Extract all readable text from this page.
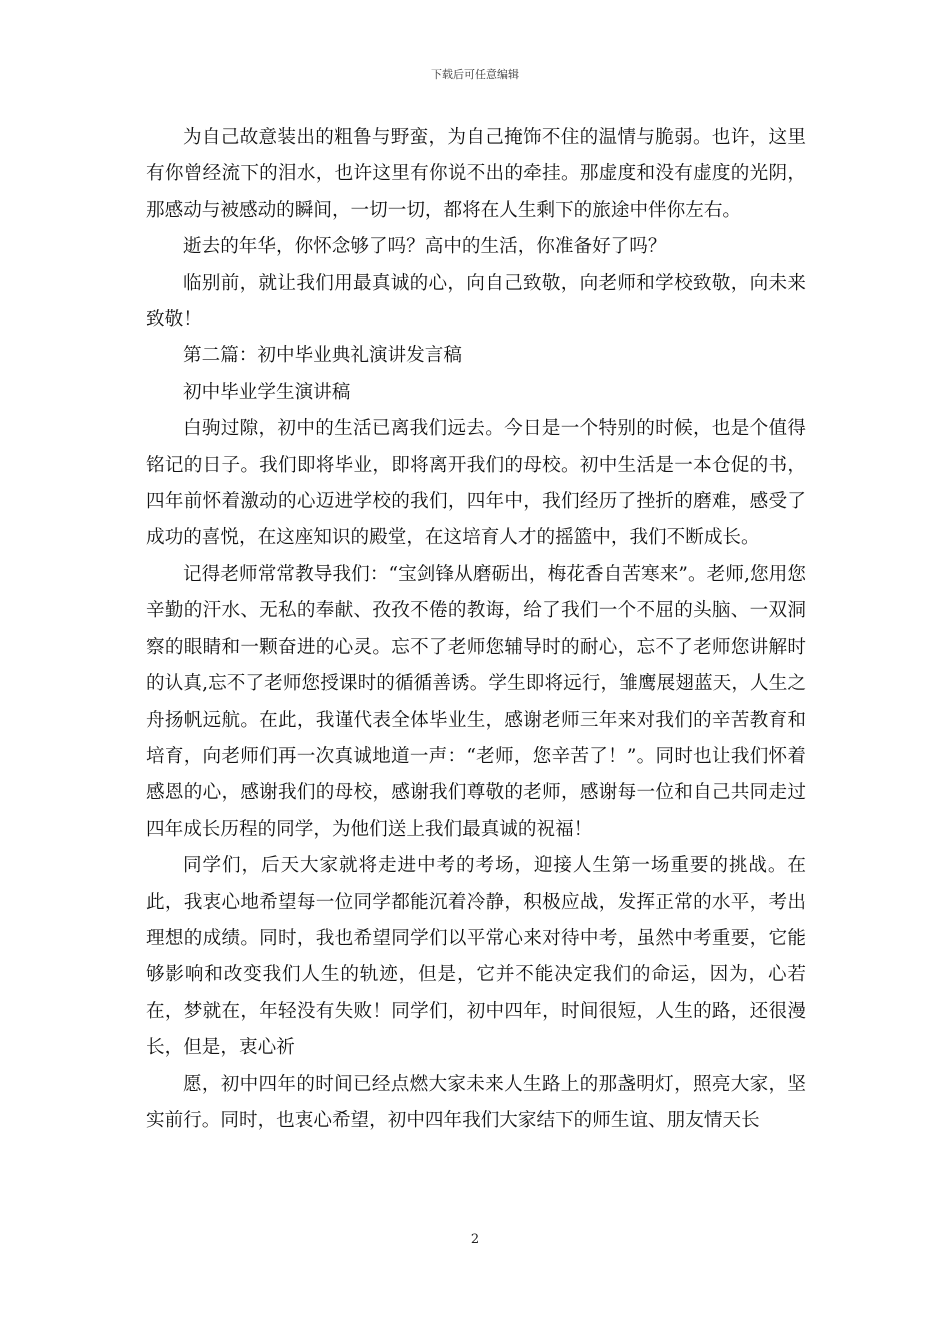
下载后可任意编辑

为自己故意装出的粗鲁与野蛮，为自己掩饰不住的温情与脆弱。也许，这里有你曾经流下的泪水，也许这里有你说不出的牵挂。那虚度和没有虚度的光阴，那感动与被感动的瞬间，一切一切，都将在人生剩下的旅途中伴你左右。

逝去的年华，你怀念够了吗？高中的生活，你准备好了吗？

临别前，就让我们用最真诚的心，向自己致敬，向老师和学校致敬，向未来致敬！

第二篇：初中毕业典礼演讲发言稿

初中毕业学生演讲稿

白驹过隙，初中的生活已离我们远去。今日是一个特别的时候，也是个值得铭记的日子。我们即将毕业，即将离开我们的母校。初中生活是一本仓促的书，四年前怀着激动的心迈进学校的我们，四年中，我们经历了挫折的磨难，感受了成功的喜悦，在这座知识的殿堂，在这培育人才的摇篮中，我们不断成长。

记得老师常常教导我们：“宝剑锋从磨砺出，梅花香自苦寒来”。老师,您用您辛勤的汗水、无私的奉献、孜孜不倦的教诲，给了我们一个不屈的头脑、一双洞察的眼睛和一颗奋进的心灵。忘不了老师您辅导时的耐心，忘不了老师您讲解时的认真,忘不了老师您授课时的循循善诱。学生即将远行，雏鹰展翅蓝天，人生之舟扬帆远航。在此，我谨代表全体毕业生，感谢老师三年来对我们的辛苦教育和培育，向老师们再一次真诚地道一声：“老师，您辛苦了！”。同时也让我们怀着感恩的心，感谢我们的母校，感谢我们尊敬的老师，感谢每一位和自己共同走过四年成长历程的同学，为他们送上我们最真诚的祝福！

同学们，后天大家就将走进中考的考场，迎接人生第一场重要的挑战。在此，我衷心地希望每一位同学都能沉着冷静，积极应战，发挥正常的水平，考出理想的成绩。同时，我也希望同学们以平常心来对待中考，虽然中考重要，它能够影响和改变我们人生的轨迹，但是，它并不能决定我们的命运，因为，心若在，梦就在，年轻没有失败！同学们，初中四年，时间很短，人生的路，还很漫长，但是，衷心祈

愿，初中四年的时间已经点燃大家未来人生路上的那盏明灯，照亮大家，坚实前行。同时，也衷心希望，初中四年我们大家结下的师生谊、朋友情天长

2
